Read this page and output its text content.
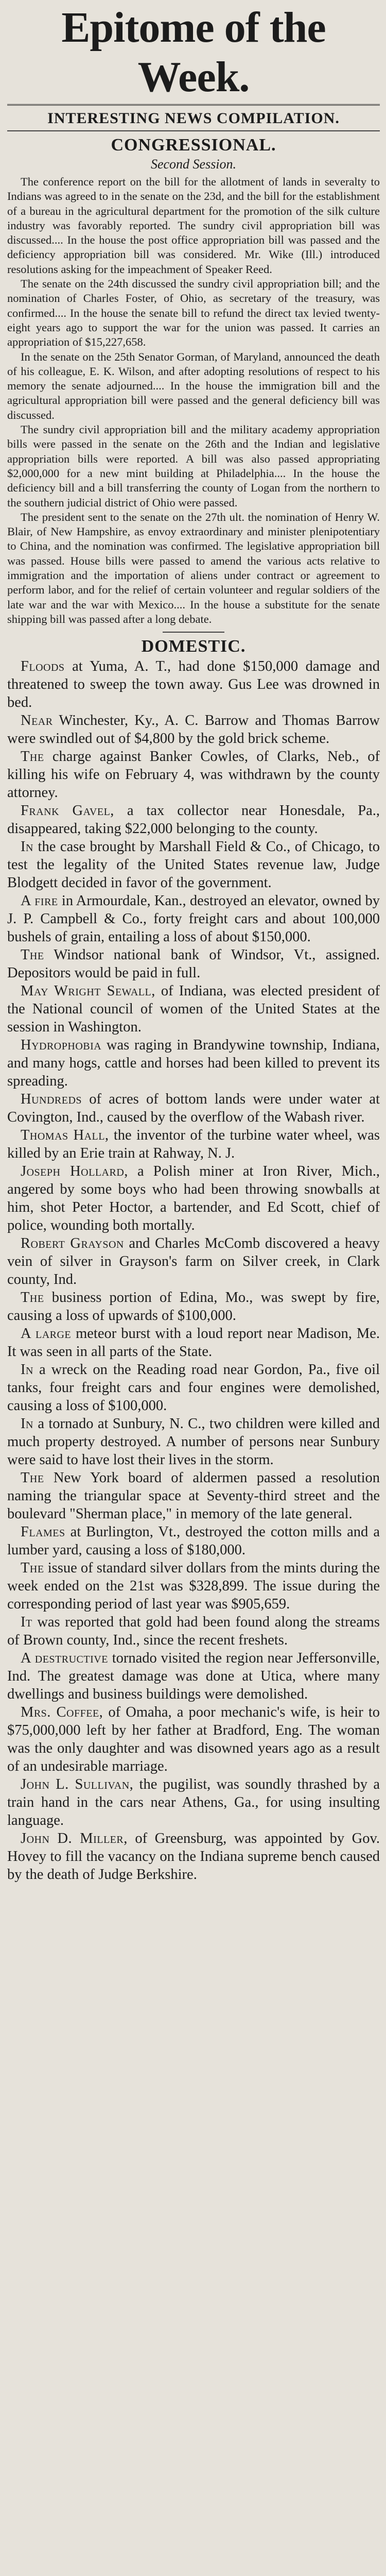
Epitome of the Week.
INTERESTING NEWS COMPILATION.
CONGRESSIONAL.
Second Session.

The conference report on the bill for the allotment of lands in severalty to Indians was agreed to in the senate on the 23d, and the bill for the establishment of a bureau in the agricultural department for the promotion of the silk culture industry was favorably reported. The sundry civil appropriation bill was discussed.... In the house the post office appropriation bill was passed and the deficiency appropriation bill was considered. Mr. Wike (Ill.) introduced resolutions asking for the impeachment of Speaker Reed.

The senate on the 24th discussed the sundry civil appropriation bill; and the nomination of Charles Foster, of Ohio, as secretary of the treasury, was confirmed.... In the house the senate bill to refund the direct tax levied twenty-eight years ago to support the war for the union was passed. It carries an appropriation of $15,227,658.

In the senate on the 25th Senator Gorman, of Maryland, announced the death of his colleague, E. K. Wilson, and after adopting resolutions of respect to his memory the senate adjourned.... In the house the immigration bill and the agricultural appropriation bill were passed and the general deficiency bill was discussed.

The sundry civil appropriation bill and the military academy appropriation bills were passed in the senate on the 26th and the Indian and legislative appropriation bills were reported. A bill was also passed appropriating $2,000,000 for a new mint building at Philadelphia.... In the house the deficiency bill and a bill transferring the county of Logan from the northern to the southern judicial district of Ohio were passed.

The president sent to the senate on the 27th ult. the nomination of Henry W. Blair, of New Hampshire, as envoy extraordinary and minister plenipotentiary to China, and the nomination was confirmed. The legislative appropriation bill was passed. House bills were passed to amend the various acts relative to immigration and the importation of aliens under contract or agreement to perform labor, and for the relief of certain volunteer and regular soldiers of the late war and the war with Mexico.... In the house a substitute for the senate shipping bill was passed after a long debate.

DOMESTIC.

Floods at Yuma, A. T., had done $150,000 damage and threatened to sweep the town away. Gus Lee was drowned in bed.

Near Winchester, Ky., A. C. Barrow and Thomas Barrow were swindled out of $4,800 by the gold brick scheme.

The charge against Banker Cowles, of Clarks, Neb., of killing his wife on February 4, was withdrawn by the county attorney.

Frank Gavel, a tax collector near Honesdale, Pa., disappeared, taking $22,000 belonging to the county.

In the case brought by Marshall Field & Co., of Chicago, to test the legality of the United States revenue law, Judge Blodgett decided in favor of the government.

A fire in Armourdale, Kan., destroyed an elevator, owned by J. P. Campbell & Co., forty freight cars and about 100,000 bushels of grain, entailing a loss of about $150,000.

The Windsor national bank of Windsor, Vt., assigned. Depositors would be paid in full.

May Wright Sewall, of Indiana, was elected president of the National council of women of the United States at the session in Washington.

Hydrophobia was raging in Brandywine township, Indiana, and many hogs, cattle and horses had been killed to prevent its spreading.

Hundreds of acres of bottom lands were under water at Covington, Ind., caused by the overflow of the Wabash river.

Thomas Hall, the inventor of the turbine water wheel, was killed by an Erie train at Rahway, N. J.

Joseph Hollard, a Polish miner at Iron River, Mich., angered by some boys who had been throwing snowballs at him, shot Peter Hoctor, a bartender, and Ed Scott, chief of police, wounding both mortally.

Robert Grayson and Charles McComb discovered a heavy vein of silver in Grayson's farm on Silver creek, in Clark county, Ind.

The business portion of Edina, Mo., was swept by fire, causing a loss of upwards of $100,000.

A large meteor burst with a loud report near Madison, Me. It was seen in all parts of the State.

In a wreck on the Reading road near Gordon, Pa., five oil tanks, four freight cars and four engines were demolished, causing a loss of $100,000.

In a tornado at Sunbury, N. C., two children were killed and much property destroyed. A number of persons near Sunbury were said to have lost their lives in the storm.

The New York board of aldermen passed a resolution naming the triangular space at Seventy-third street and the boulevard "Sherman place," in memory of the late general.

Flames at Burlington, Vt., destroyed the cotton mills and a lumber yard, causing a loss of $180,000.

The issue of standard silver dollars from the mints during the week ended on the 21st was $328,899. The issue during the corresponding period of last year was $905,659.

It was reported that gold had been found along the streams of Brown county, Ind., since the recent freshets.

A destructive tornado visited the region near Jeffersonville, Ind. The greatest damage was done at Utica, where many dwellings and business buildings were demolished.

Mrs. Coffee, of Omaha, a poor mechanic's wife, is heir to $75,000,000 left by her father at Bradford, Eng. The woman was the only daughter and was disowned years ago as a result of an undesirable marriage.

John L. Sullivan, the pugilist, was soundly thrashed by a train hand in the cars near Athens, Ga., for using insulting language.

John D. Miller, of Greensburg, was appointed by Gov. Hovey to fill the vacancy on the Indiana supreme bench caused by the death of Judge Berkshire.
